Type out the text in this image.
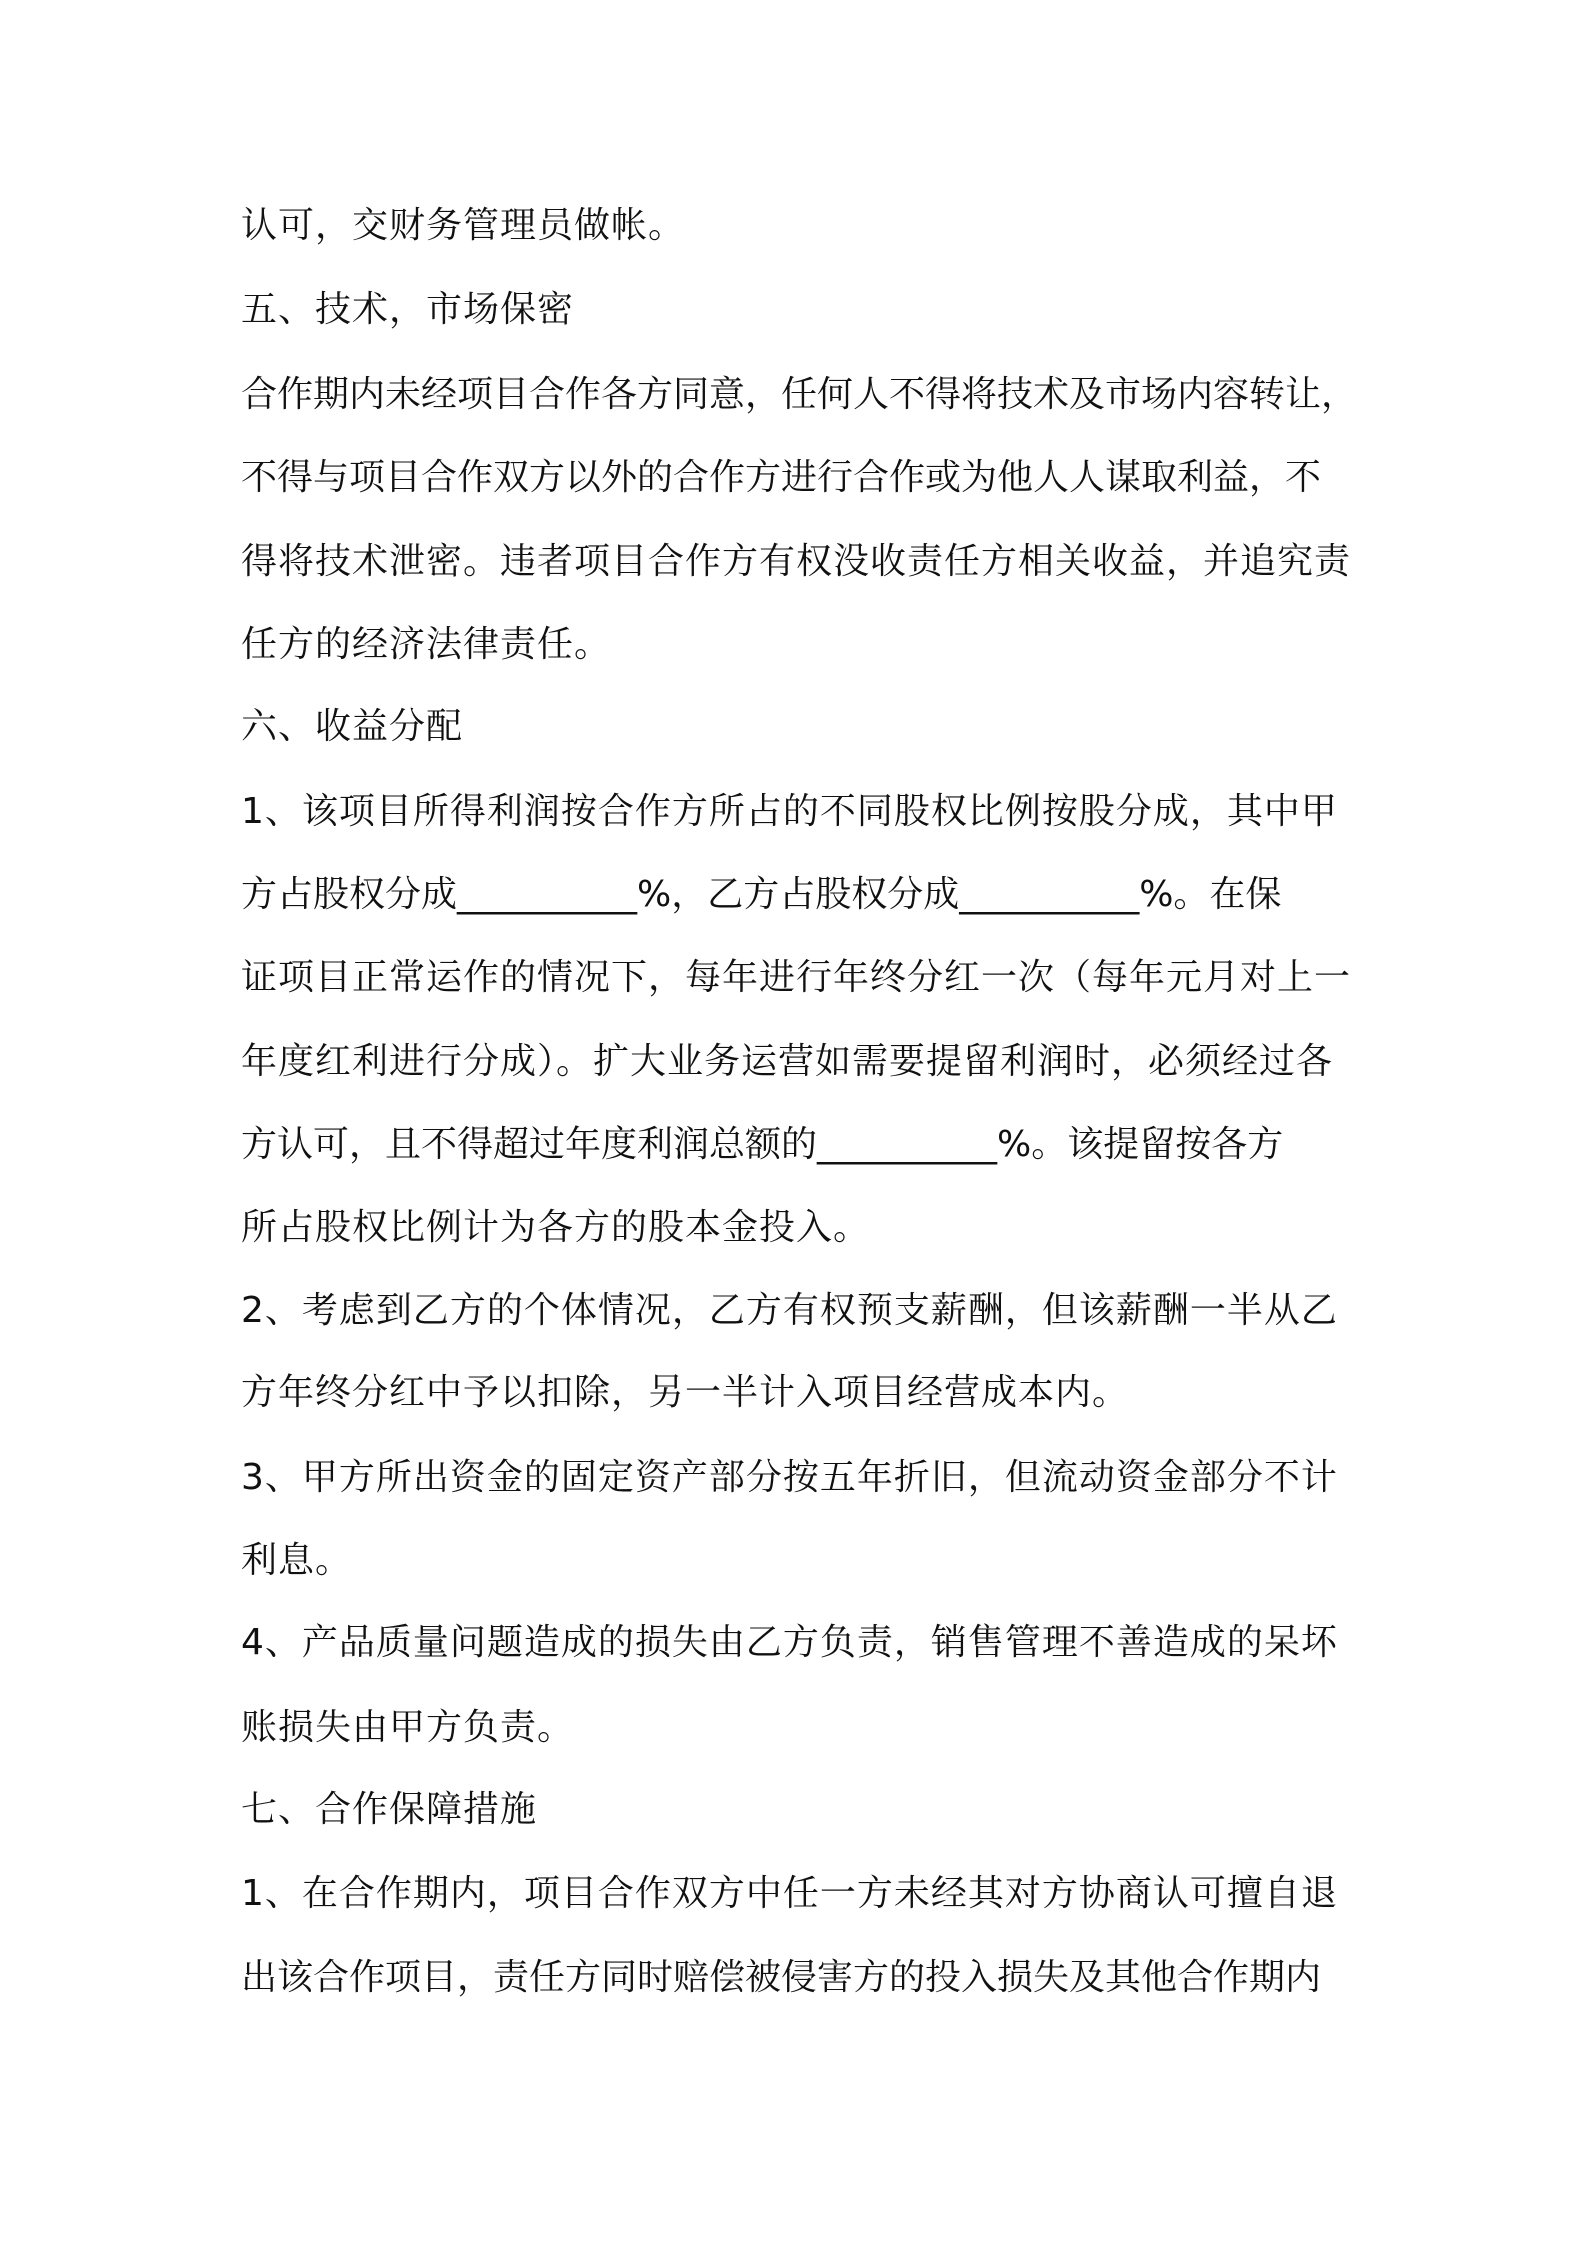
认可，交财务管理员做帐。
五、技术，市场保密
合作期内未经项目合作各方同意，任何人不得将技术及市场内容转让，
不得与项目合作双方以外的合作方进行合作或为他人人谋取利益，不
得将技术泄密。违者项目合作方有权没收责任方相关收益，并追究责
任方的经济法律责任。
六、收益分配
1、该项目所得利润按合作方所占的不同股权比例按股分成，其中甲
方占股权分成__________%，乙方占股权分成__________%。在保
证项目正常运作的情况下，每年进行年终分红一次（每年元月对上一
年度红利进行分成）。扩大业务运营如需要提留利润时，必须经过各
方认可，且不得超过年度利润总额的__________%。该提留按各方
所占股权比例计为各方的股本金投入。
2、考虑到乙方的个体情况，乙方有权预支薪酬，但该薪酬一半从乙
方年终分红中予以扣除，另一半计入项目经营成本内。
3、甲方所出资金的固定资产部分按五年折旧，但流动资金部分不计
利息。
4、产品质量问题造成的损失由乙方负责，销售管理不善造成的呆坏
账损失由甲方负责。
七、合作保障措施
1、在合作期内，项目合作双方中任一方未经其对方协商认可擅自退
出该合作项目，责任方同时赔偿被侵害方的投入损失及其他合作期内
